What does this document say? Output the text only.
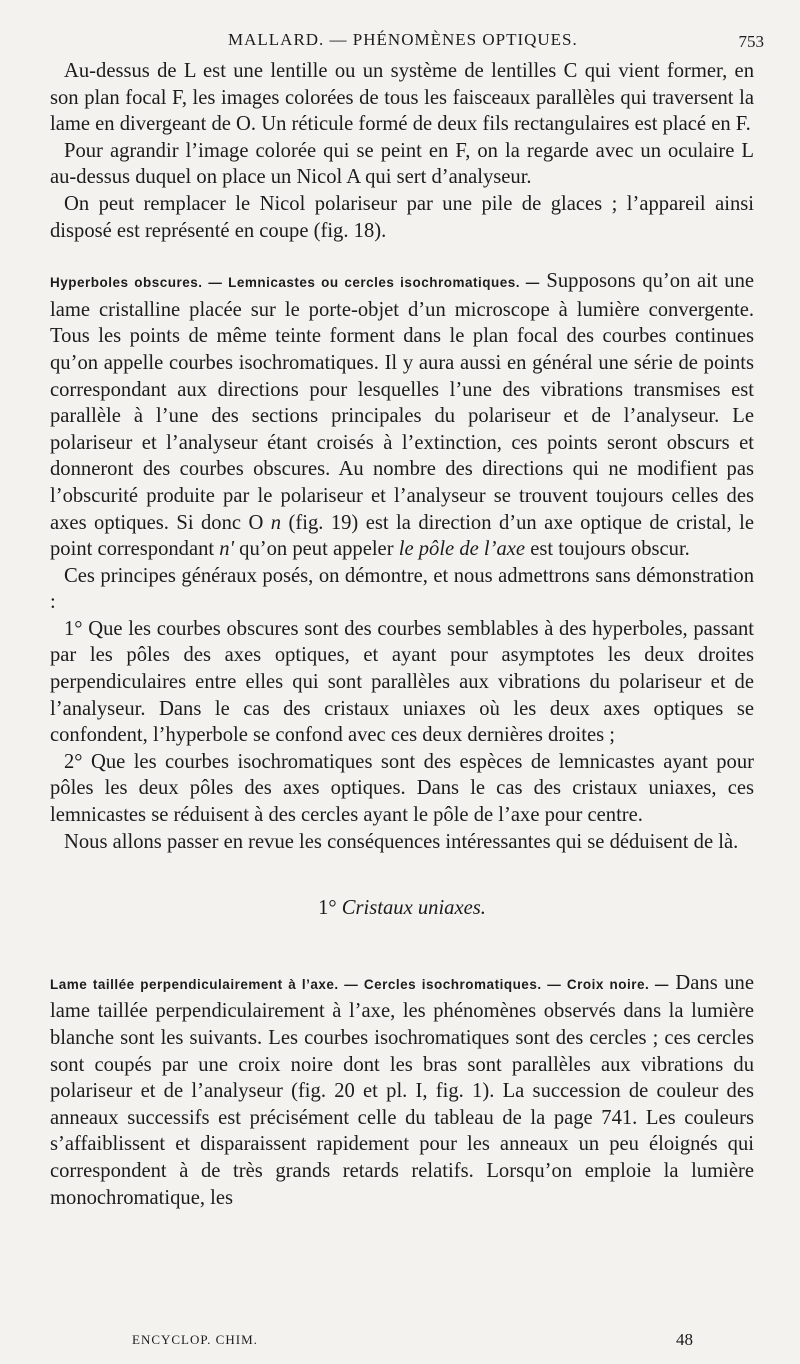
MALLARD. — PHÉNOMÈNES OPTIQUES.	753

Au-dessus de L est une lentille ou un système de lentilles C qui vient former, en son plan focal F, les images colorées de tous les faisceaux parallèles qui traversent la lame en divergeant de O. Un réticule formé de deux fils rectangulaires est placé en F.

Pour agrandir l’image colorée qui se peint en F, on la regarde avec un oculaire L au-dessus duquel on place un Nicol A qui sert d’analyseur.

On peut remplacer le Nicol polariseur par une pile de glaces ; l’appareil ainsi disposé est représenté en coupe (fig. 18).

Hyperboles obscures. — Lemnicastes ou cercles isochromatiques. — Supposons qu’on ait une lame cristalline placée sur le porte-objet d’un microscope à lumière convergente. Tous les points de même teinte forment dans le plan focal des courbes continues qu’on appelle courbes isochromatiques. Il y aura aussi en général une série de points correspondant aux directions pour lesquelles l’une des vibrations transmises est parallèle à l’une des sections principales du polariseur et de l’analyseur. Le polariseur et l’analyseur étant croisés à l’extinction, ces points seront obscurs et donneront des courbes obscures. Au nombre des directions qui ne modifient pas l’obscurité produite par le polariseur et l’analyseur se trouvent toujours celles des axes optiques. Si donc O n (fig. 19) est la direction d’un axe optique de cristal, le point correspondant n' qu’on peut appeler le pôle de l’axe est toujours obscur.

Ces principes généraux posés, on démontre, et nous admettrons sans démonstration :

1° Que les courbes obscures sont des courbes semblables à des hyperboles, passant par les pôles des axes optiques, et ayant pour asymptotes les deux droites perpendiculaires entre elles qui sont parallèles aux vibrations du polariseur et de l’analyseur. Dans le cas des cristaux uniaxes où les deux axes optiques se confondent, l’hyperbole se confond avec ces deux dernières droites ;

2° Que les courbes isochromatiques sont des espèces de lemnicastes ayant pour pôles les deux pôles des axes optiques. Dans le cas des cristaux uniaxes, ces lemnicastes se réduisent à des cercles ayant le pôle de l’axe pour centre.

Nous allons passer en revue les conséquences intéressantes qui se déduisent de là.

1° Cristaux uniaxes.

Lame taillée perpendiculairement à l’axe. — Cercles isochromatiques. — Croix noire. — Dans une lame taillée perpendiculairement à l’axe, les phénomènes observés dans la lumière blanche sont les suivants. Les courbes isochromatiques sont des cercles ; ces cercles sont coupés par une croix noire dont les bras sont parallèles aux vibrations du polariseur et de l’analyseur (fig. 20 et pl. I, fig. 1). La succession de couleur des anneaux successifs est précisément celle du tableau de la page 741. Les couleurs s’affaiblissent et disparaissent rapidement pour les anneaux un peu éloignés qui correspondent à de très grands retards relatifs. Lorsqu’on emploie la lumière monochromatique, les

ENCYCLOP. CHIM.	48
